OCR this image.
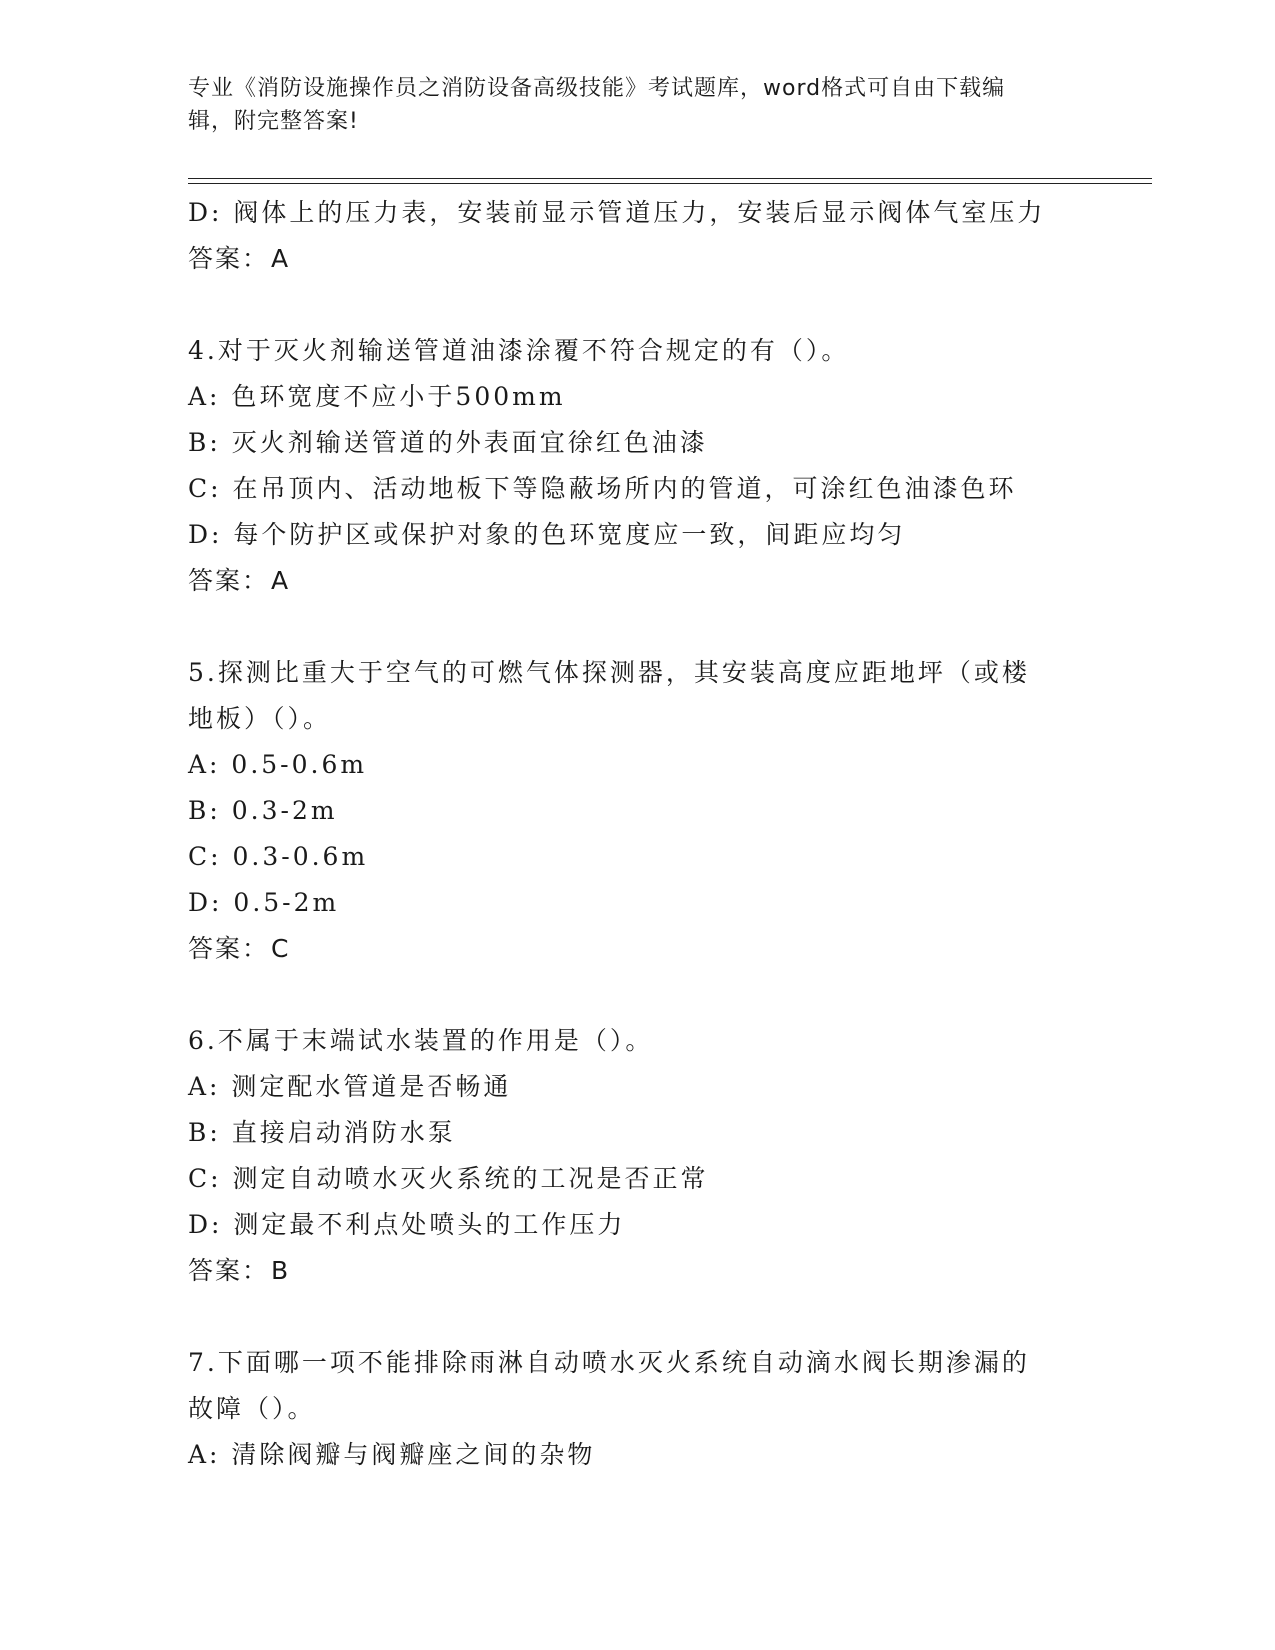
专业《消防设施操作员之消防设备高级技能》考试题库，word格式可自由下载编
辑，附完整答案!
D: 阀体上的压力表，安装前显示管道压力，安装后显示阀体气室压力
答案：A
4.对于灭火剂输送管道油漆涂覆不符合规定的有（）。
A: 色环宽度不应小于500mm
B: 灭火剂输送管道的外表面宜徐红色油漆
C: 在吊顶内、活动地板下等隐蔽场所内的管道，可涂红色油漆色环
D: 每个防护区或保护对象的色环宽度应一致，间距应均匀
答案：A
5.探测比重大于空气的可燃气体探测器，其安装高度应距地坪（或楼
地板）（）。
A: 0.5-0.6m
B: 0.3-2m
C: 0.3-0.6m
D: 0.5-2m
答案：C
6.不属于末端试水装置的作用是（）。
A: 测定配水管道是否畅通
B: 直接启动消防水泵
C: 测定自动喷水灭火系统的工况是否正常
D: 测定最不利点处喷头的工作压力
答案：B
7.下面哪一项不能排除雨淋自动喷水灭火系统自动滴水阀长期渗漏的
故障（）。
A: 清除阀瓣与阀瓣座之间的杂物
